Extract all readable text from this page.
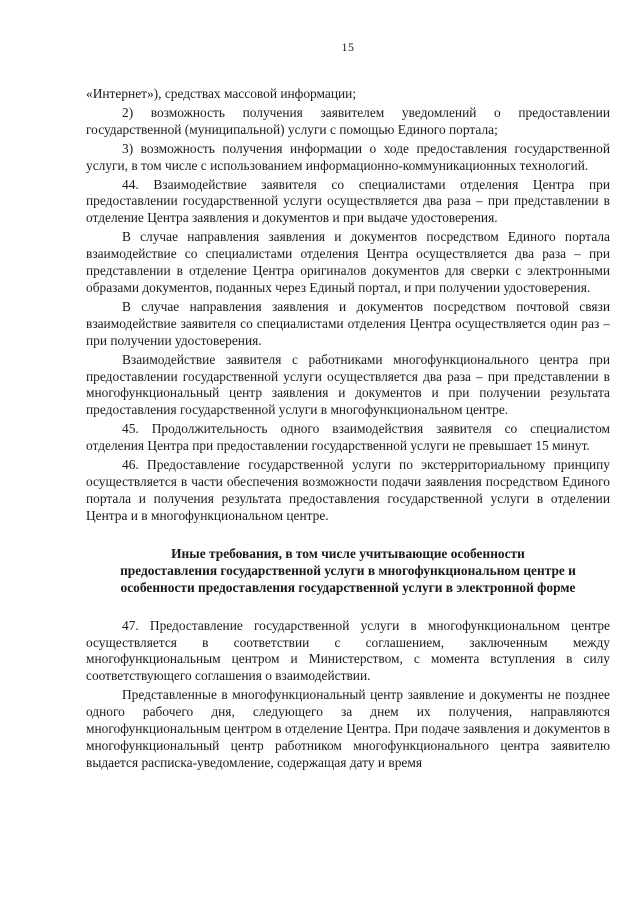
15

«Интернет»), средствах массовой информации;

2) возможность получения заявителем уведомлений о предоставлении государственной (муниципальной) услуги с помощью Единого портала;

3) возможность получения информации о ходе предоставления государственной услуги, в том числе с использованием информационно-коммуникационных технологий.

44. Взаимодействие заявителя со специалистами отделения Центра при предоставлении государственной услуги осуществляется два раза – при представлении в отделение Центра заявления и документов и при выдаче удостоверения.

В случае направления заявления и документов посредством Единого портала взаимодействие со специалистами отделения Центра осуществляется два раза – при представлении в отделение Центра оригиналов документов для сверки с электронными образами документов, поданных через Единый портал, и при получении удостоверения.

В случае направления заявления и документов посредством почтовой связи взаимодействие заявителя со специалистами отделения Центра осуществляется один раз – при получении удостоверения.

Взаимодействие заявителя с работниками многофункционального центра при предоставлении государственной услуги осуществляется два раза – при представлении в многофункциональный центр заявления и документов и при получении результата предоставления государственной услуги в многофункциональном центре.

45. Продолжительность одного взаимодействия заявителя со специалистом отделения Центра при предоставлении государственной услуги не превышает 15 минут.

46. Предоставление государственной услуги по экстерриториальному принципу осуществляется в части обеспечения возможности подачи заявления посредством Единого портала и получения результата предоставления государственной услуги в отделении Центра и в многофункциональном центре.

Иные требования, в том числе учитывающие особенности
предоставления государственной услуги в многофункциональном центре и
особенности предоставления государственной услуги в электронной форме

47. Предоставление государственной услуги в многофункциональном центре осуществляется в соответствии с соглашением, заключенным между многофункциональным центром и Министерством, с момента вступления в силу соответствующего соглашения о взаимодействии.

Представленные в многофункциональный центр заявление и документы не позднее одного рабочего дня, следующего за днем их получения, направляются многофункциональным центром в отделение Центра. При подаче заявления и документов в многофункциональный центр работником многофункционального центра заявителю выдается расписка-уведомление, содержащая дату и время
